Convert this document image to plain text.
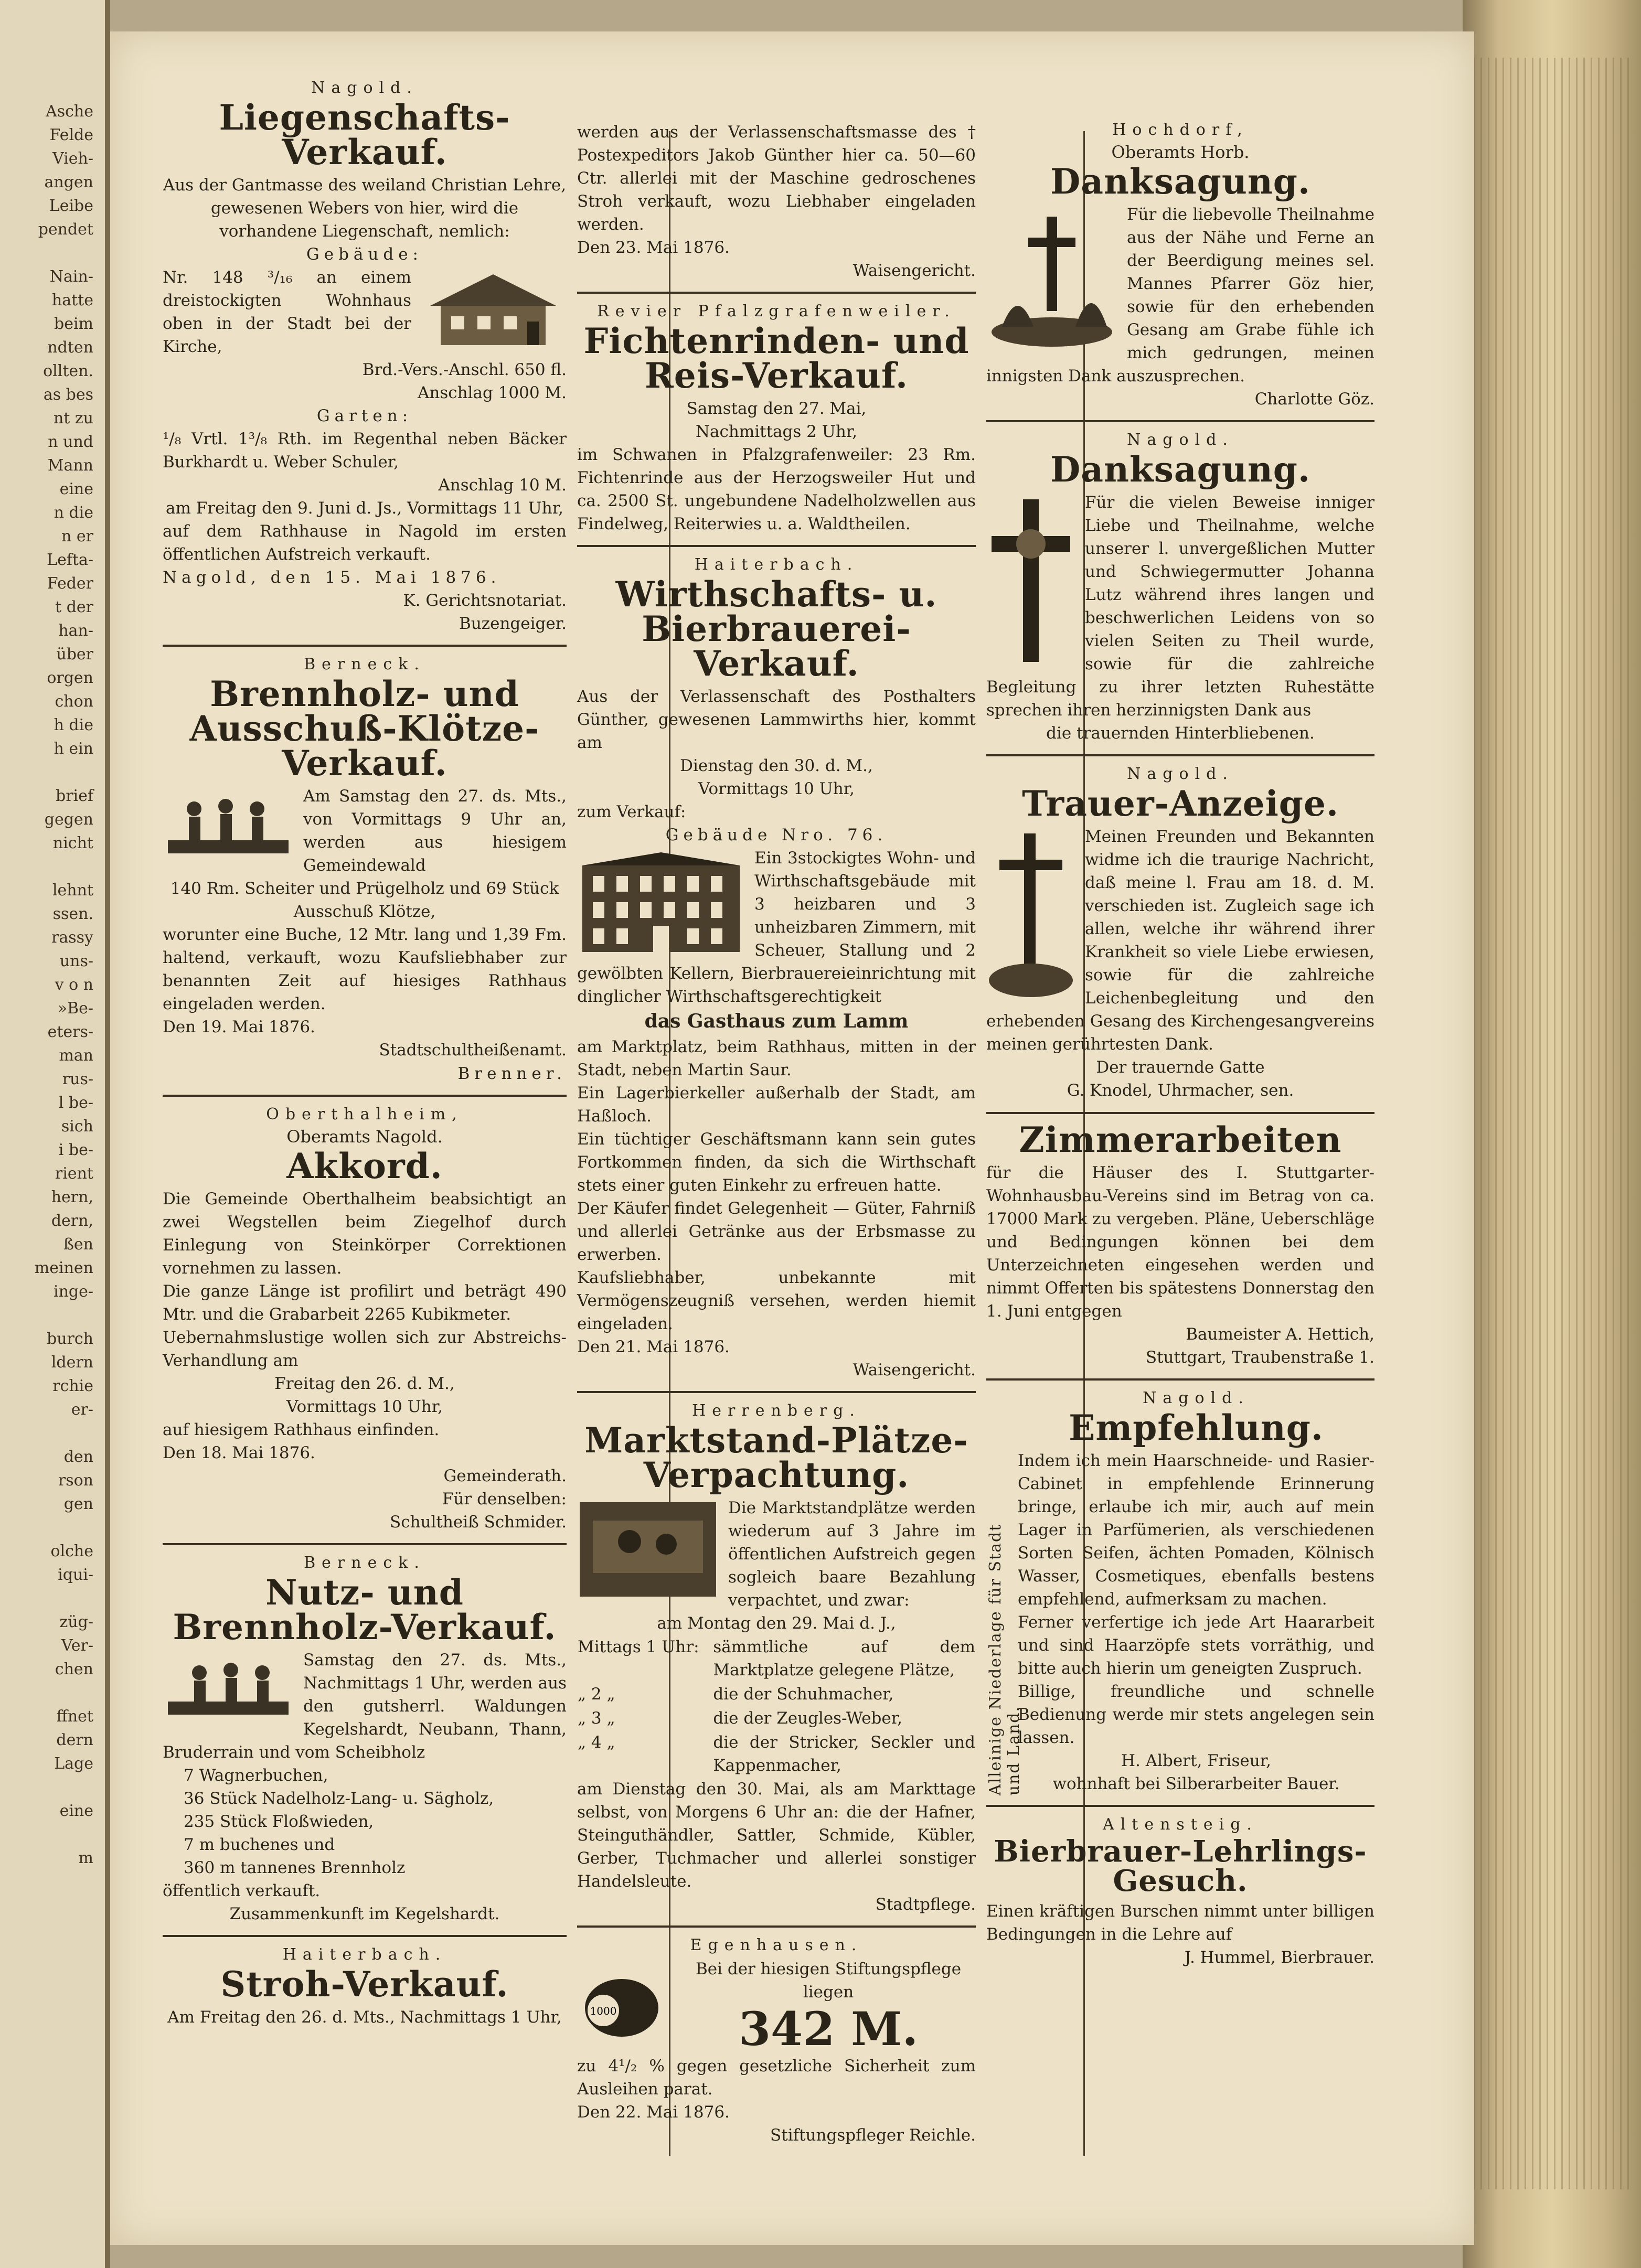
Asche
Felde
Vieh-
angen
Leibe
pendet

Nain-
hatte
beim
ndten
ollten.
as bes
nt zu
n und
Mann
eine
n die
n er
Lefta-
Feder
t der
han-
über
orgen
chon
h die
h ein

brief
gegen
nicht

lehnt
ssen.
rassy
uns-
v o n
»Be-
eters-
man
rus-
l be-
sich
i be-
rient
hern,
dern,
ßen
meinen
inge-

burch
ldern
rchie
er-

den
rson
gen

olche
iqui-

züg-
Ver-
chen

ffnet
dern
Lage

eine

m
Nagold.
Liegenschafts-Verkauf.

Aus der Gantmasse des weiland Christian Lehre, gewesenen Webers von hier, wird die vorhandene Liegenschaft, nemlich:

Gebäude:

Nr. 148 ³/₁₆ an einem dreistockigten Wohnhaus oben in der Stadt bei der Kirche,

Brd.-Vers.-Anschl. 650 fl.

Anschlag 1000 M.

Garten:

¹/₈ Vrtl. 1³/₈ Rth. im Regenthal neben Bäcker Burkhardt u. Weber Schuler,

Anschlag 10 M.

am Freitag den 9. Juni d. Js., Vormittags 11 Uhr,

auf dem Rathhause in Nagold im ersten öffentlichen Aufstreich verkauft.

Nagold, den 15. Mai 1876.

K. Gerichtsnotariat.

Buzengeiger.

Berneck.
Brennholz- und Ausschuß-Klötze-Verkauf.

Am Samstag den 27. ds. Mts., von Vormittags 9 Uhr an, werden aus hiesigem Gemeindewald

140 Rm. Scheiter und Prügelholz und 69 Stück Ausschuß Klötze,

worunter eine Buche, 12 Mtr. lang und 1,39 Fm. haltend, verkauft, wozu Kaufsliebhaber zur benannten Zeit auf hiesiges Rathhaus eingeladen werden.

Den 19. Mai 1876.

Stadtschultheißenamt.

Brenner.

Oberthalheim,
Oberamts Nagold.
Akkord.

Die Gemeinde Oberthalheim beabsichtigt an zwei Wegstellen beim Ziegelhof durch Einlegung von Steinkörper Correktionen vornehmen zu lassen.

Die ganze Länge ist profilirt und beträgt 490 Mtr. und die Grabarbeit 2265 Kubikmeter.

Uebernahmslustige wollen sich zur Abstreichs-Verhandlung am

Freitag den 26. d. M.,

Vormittags 10 Uhr,

auf hiesigem Rathhaus einfinden.

Den 18. Mai 1876.

Gemeinderath.

Für denselben:

Schultheiß Schmider.

Berneck.
Nutz- und Brennholz-Verkauf.

Samstag den 27. ds. Mts., Nachmittags 1 Uhr, werden aus den gutsherrl. Waldungen Kegelshardt, Neubann, Thann, Bruderrain und vom Scheibholz

7 Wagnerbuchen,

36 Stück Nadelholz-Lang- u. Sägholz,

235 Stück Floßwieden,

7 m buchenes und

360 m tannenes Brennholz

öffentlich verkauft.

Zusammenkunft im Kegelshardt.

Haiterbach.
Stroh-Verkauf.

Am Freitag den 26. d. Mts., Nachmittags 1 Uhr,

werden aus der Verlassenschaftsmasse des † Postexpeditors Jakob Günther hier ca. 50—60 Ctr. allerlei mit der Maschine gedroschenes Stroh verkauft, wozu Liebhaber eingeladen werden.

Den 23. Mai 1876.

Waisengericht.

Revier Pfalzgrafenweiler.
Fichtenrinden- und Reis-Verkauf.

Samstag den 27. Mai,

Nachmittags 2 Uhr,

im Schwanen in Pfalzgrafenweiler: 23 Rm. Fichtenrinde aus der Herzogsweiler Hut und ca. 2500 St. ungebundene Nadelholzwellen aus Findelweg, Reiterwies u. a. Waldtheilen.

Haiterbach.
Wirthschafts- u. Bierbrauerei-Verkauf.

Aus der Verlassenschaft des Posthalters Günther, gewesenen Lammwirths hier, kommt am

Dienstag den 30. d. M.,

Vormittags 10 Uhr,

zum Verkauf:

Gebäude Nro. 76.

Ein 3stockigtes Wohn- und Wirthschaftsgebäude mit 3 heizbaren und 3 unheizbaren Zimmern, mit Scheuer, Stallung und 2 gewölbten Kellern, Bierbrauereieinrichtung mit dinglicher Wirthschaftsgerechtigkeit

das Gasthaus zum Lamm

am Marktplatz, beim Rathhaus, mitten in der Stadt, neben Martin Saur.

Ein Lagerbierkeller außerhalb der Stadt, am Haßloch.

Ein tüchtiger Geschäftsmann kann sein gutes Fortkommen finden, da sich die Wirthschaft stets einer guten Einkehr zu erfreuen hatte.

Der Käufer findet Gelegenheit — Güter, Fahrniß und allerlei Getränke aus der Erbsmasse zu erwerben.

Kaufsliebhaber, unbekannte mit Vermögenszeugniß versehen, werden hiemit eingeladen.

Den 21. Mai 1876.

Waisengericht.

Herrenberg.
Marktstand-Plätze-Verpachtung.

Die Marktstandplätze werden wiederum auf 3 Jahre im öffentlichen Aufstreich gegen sogleich baare Bezahlung verpachtet, und zwar:

am Montag den 29. Mai d. J.,

Mittags 1 Uhr:	sämmtliche auf dem Marktplatze gelegene Plätze,
„ 2 „	die der Schuhmacher,
„ 3 „	die der Zeugles-Weber,
„ 4 „	die der Stricker, Seckler und Kappenmacher,

am Dienstag den 30. Mai, als am Markttage selbst, von Morgens 6 Uhr an: die der Hafner, Steinguthändler, Sattler, Schmide, Kübler, Gerber, Tuchmacher und allerlei sonstiger Handelsleute.

Stadtpflege.

Egenhausen.
1000

Bei der hiesigen Stiftungspflege liegen

342 M.

zu 4¹/₂ % gegen gesetzliche Sicherheit zum Ausleihen parat.

Den 22. Mai 1876.

Stiftungspfleger Reichle.

Hochdorf,
Oberamts Horb.
Danksagung.

Für die liebevolle Theilnahme aus der Nähe und Ferne an der Beerdigung meines sel. Mannes Pfarrer Göz hier, sowie für den erhebenden Gesang am Grabe fühle ich mich gedrungen, meinen innigsten Dank auszusprechen.

Charlotte Göz.

Nagold.
Danksagung.

Für die vielen Beweise inniger Liebe und Theilnahme, welche unserer l. unvergeßlichen Mutter und Schwiegermutter Johanna Lutz während ihres langen und beschwerlichen Leidens von so vielen Seiten zu Theil wurde, sowie für die zahlreiche Begleitung zu ihrer letzten Ruhestätte sprechen ihren herzinnigsten Dank aus

die trauernden Hinterbliebenen.

Nagold.
Trauer-Anzeige.

Meinen Freunden und Bekannten widme ich die traurige Nachricht, daß meine l. Frau am 18. d. M. verschieden ist. Zugleich sage ich allen, welche ihr während ihrer Krankheit so viele Liebe erwiesen, sowie für die zahlreiche Leichenbegleitung und den erhebenden Gesang des Kirchengesangvereins meinen gerührtesten Dank.

Der trauernde Gatte

G. Knodel, Uhrmacher, sen.

Zimmerarbeiten

für die Häuser des I. Stuttgarter-Wohnhausbau-Vereins sind im Betrag von ca. 17000 Mark zu vergeben. Pläne, Ueberschläge und Bedingungen können bei dem Unterzeichneten eingesehen werden und nimmt Offerten bis spätestens Donnerstag den 1. Juni entgegen

Baumeister A. Hettich,

Stuttgart, Traubenstraße 1.

Alleinige Niederlage für Stadt und Land.
Nagold.
Empfehlung.

Indem ich mein Haarschneide- und Rasier-Cabinet in empfehlende Erinnerung bringe, erlaube ich mir, auch auf mein Lager in Parfümerien, als verschiedenen Sorten Seifen, ächten Pomaden, Kölnisch Wasser, Cosmetiques, ebenfalls bestens empfehlend, aufmerksam zu machen.

Ferner verfertige ich jede Art Haararbeit und sind Haarzöpfe stets vorräthig, und bitte auch hierin um geneigten Zuspruch.

Billige, freundliche und schnelle Bedienung werde mir stets angelegen sein lassen.

H. Albert, Friseur,

wohnhaft bei Silberarbeiter Bauer.

Altensteig.
Bierbrauer-Lehrlings-Gesuch.

Einen kräftigen Burschen nimmt unter billigen Bedingungen in die Lehre auf

J. Hummel, Bierbrauer.
